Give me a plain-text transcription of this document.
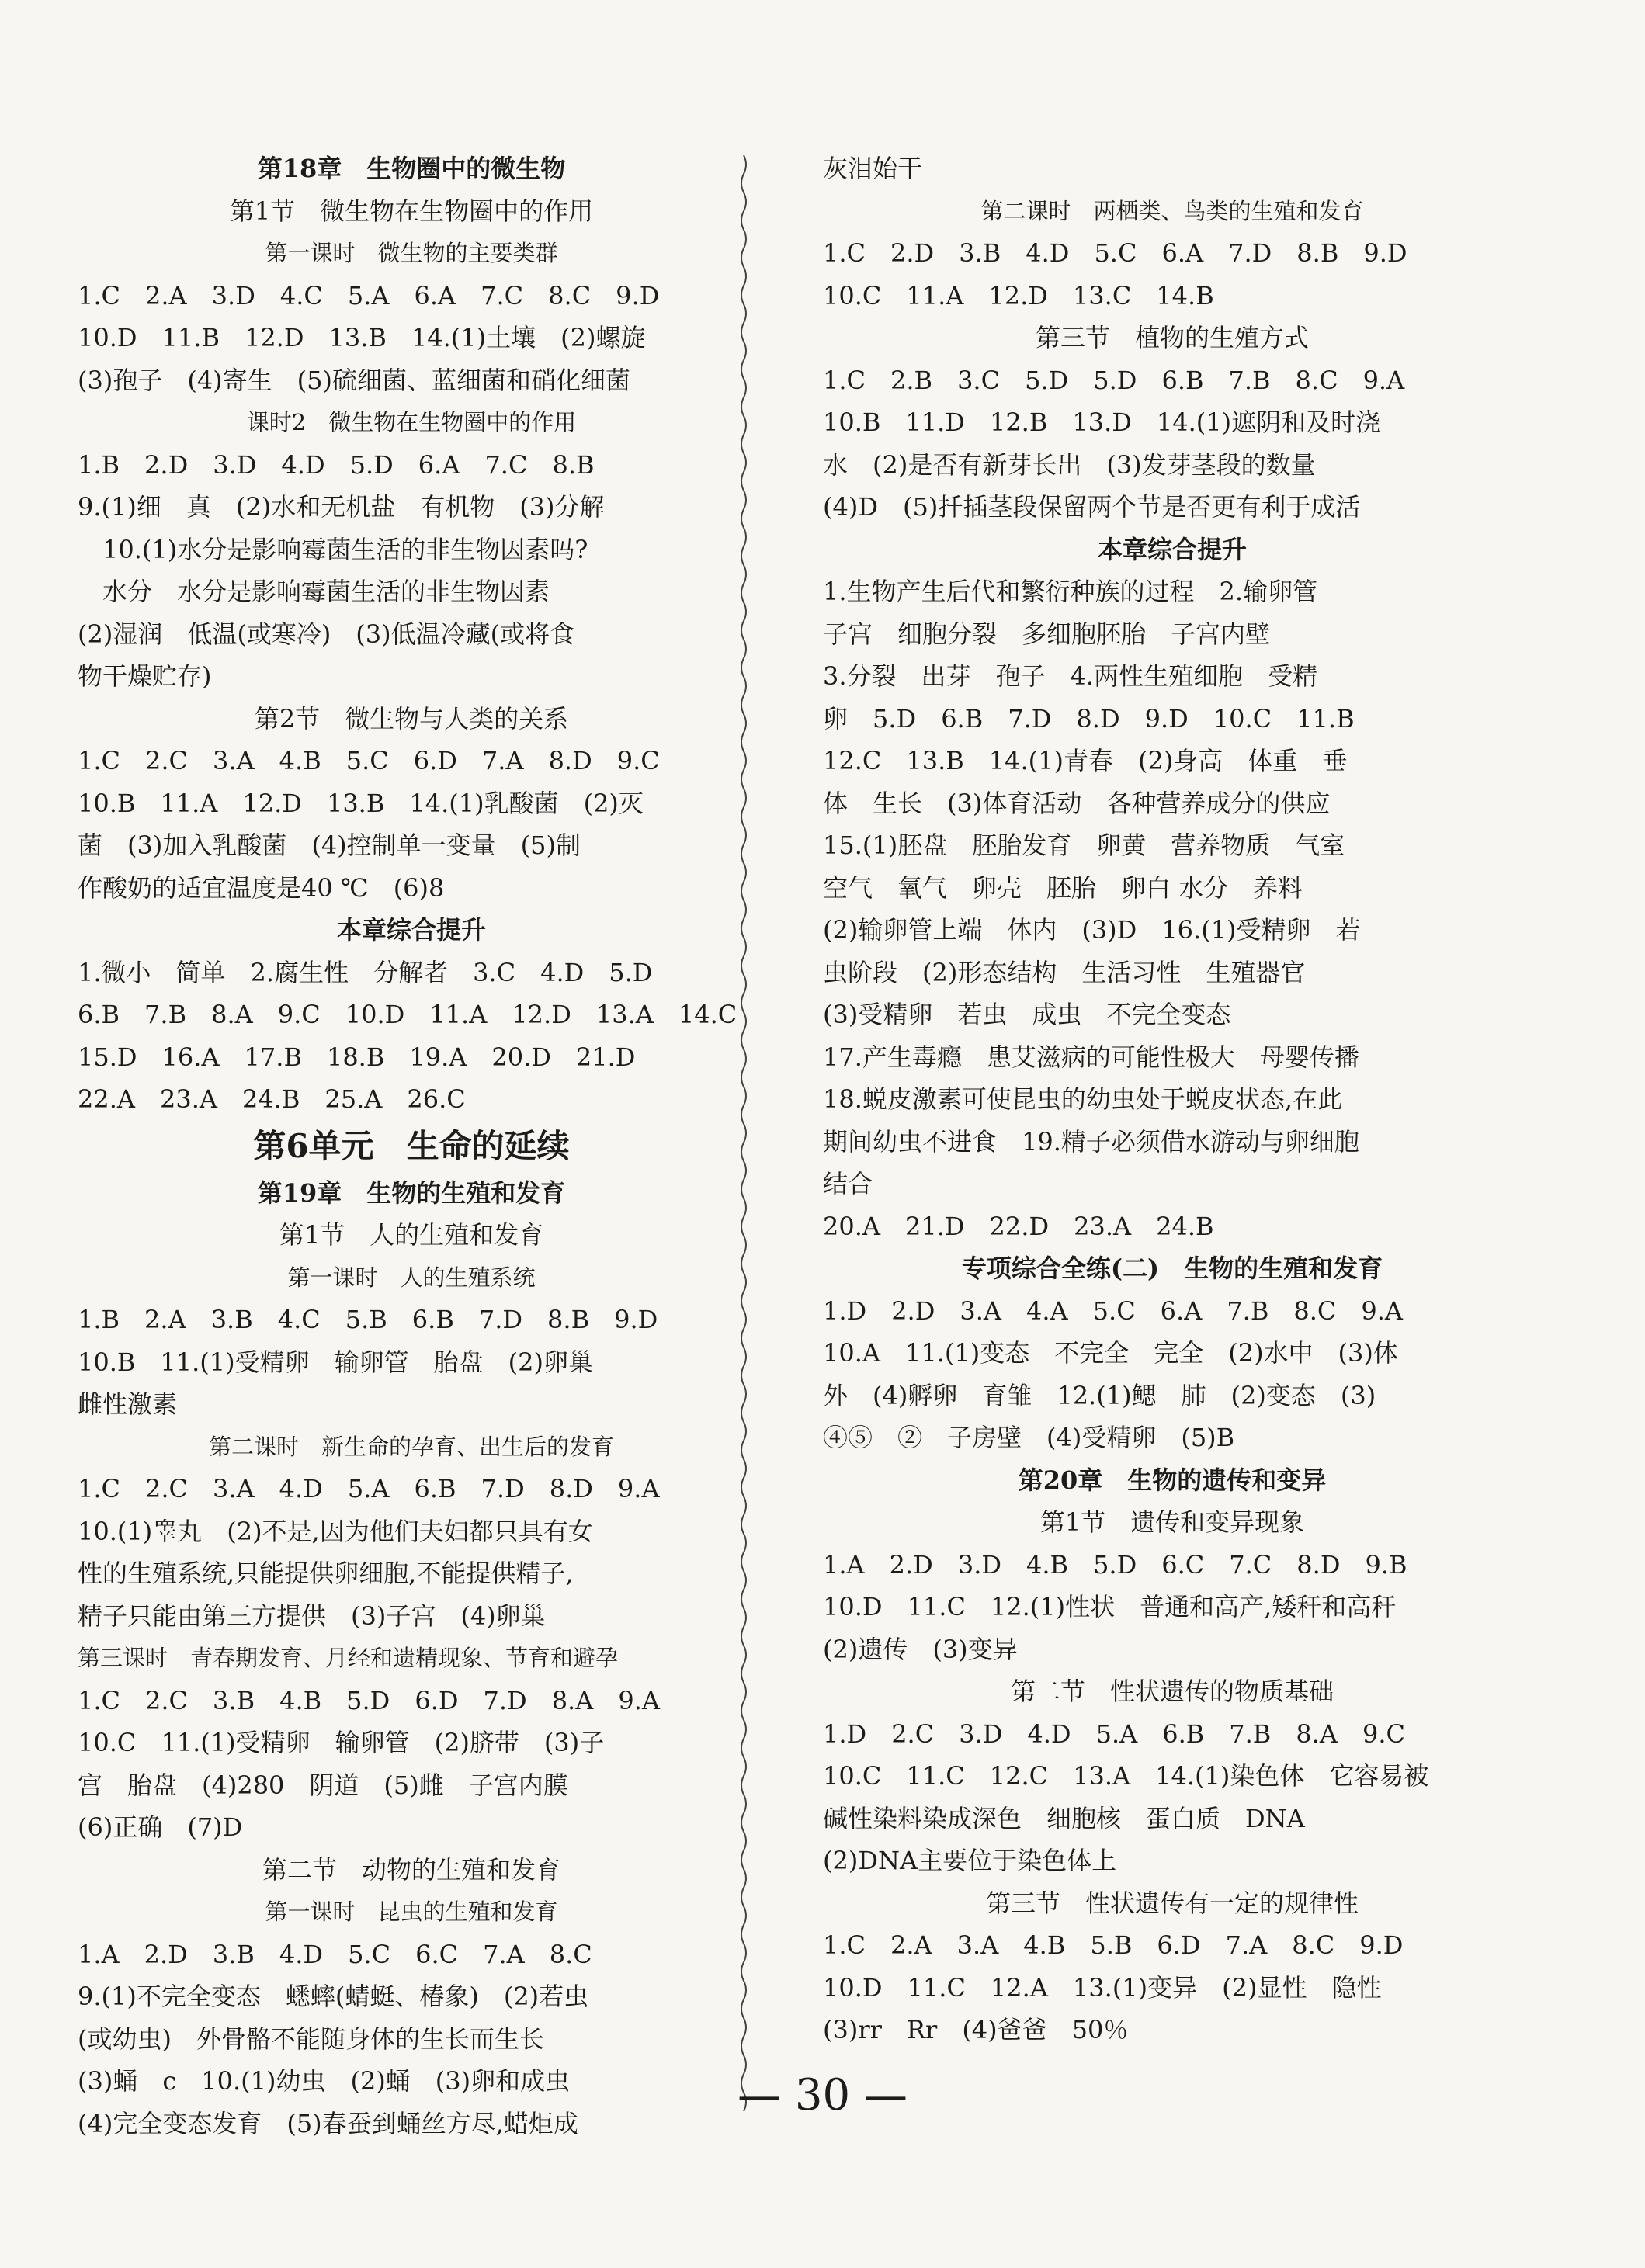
第18章　生物圈中的微生物
第1节　微生物在生物圈中的作用
第一课时　微生物的主要类群
1.C　2.A　3.D　4.C　5.A　6.A　7.C　8.C　9.D
10.D　11.B　12.D　13.B　14.(1)土壤　(2)螺旋
(3)孢子　(4)寄生　(5)硫细菌、蓝细菌和硝化细菌
课时2　微生物在生物圈中的作用
1.B　2.D　3.D　4.D　5.D　6.A　7.C　8.B
9.(1)细　真　(2)水和无机盐　有机物　(3)分解
　10.(1)水分是影响霉菌生活的非生物因素吗?
　水分　水分是影响霉菌生活的非生物因素
(2)湿润　低温(或寒冷)　(3)低温冷藏(或将食
物干燥贮存)
第2节　微生物与人类的关系
1.C　2.C　3.A　4.B　5.C　6.D　7.A　8.D　9.C
10.B　11.A　12.D　13.B　14.(1)乳酸菌　(2)灭
菌　(3)加入乳酸菌　(4)控制单一变量　(5)制
作酸奶的适宜温度是40 ℃　(6)8
本章综合提升
1.微小　简单　2.腐生性　分解者　3.C　4.D　5.D
6.B　7.B　8.A　9.C　10.D　11.A　12.D　13.A　14.C
15.D　16.A　17.B　18.B　19.A　20.D　21.D
22.A　23.A　24.B　25.A　26.C
第6单元　生命的延续
第19章　生物的生殖和发育
第1节　人的生殖和发育
第一课时　人的生殖系统
1.B　2.A　3.B　4.C　5.B　6.B　7.D　8.B　9.D
10.B　11.(1)受精卵　输卵管　胎盘　(2)卵巢
雌性激素
第二课时　新生命的孕育、出生后的发育
1.C　2.C　3.A　4.D　5.A　6.B　7.D　8.D　9.A
10.(1)睾丸　(2)不是,因为他们夫妇都只具有女
性的生殖系统,只能提供卵细胞,不能提供精子,
精子只能由第三方提供　(3)子宫　(4)卵巢
第三课时　青春期发育、月经和遗精现象、节育和避孕
1.C　2.C　3.B　4.B　5.D　6.D　7.D　8.A　9.A
10.C　11.(1)受精卵　输卵管　(2)脐带　(3)子
宫　胎盘　(4)280　阴道　(5)雌　子宫内膜
(6)正确　(7)D
第二节　动物的生殖和发育
第一课时　昆虫的生殖和发育
1.A　2.D　3.B　4.D　5.C　6.C　7.A　8.C
9.(1)不完全变态　蟋蟀(蜻蜓、椿象)　(2)若虫
(或幼虫)　外骨骼不能随身体的生长而生长
(3)蛹　c　10.(1)幼虫　(2)蛹　(3)卵和成虫
(4)完全变态发育　(5)春蚕到蛹丝方尽,蜡炬成
灰泪始干
第二课时　两栖类、鸟类的生殖和发育
1.C　2.D　3.B　4.D　5.C　6.A　7.D　8.B　9.D
10.C　11.A　12.D　13.C　14.B
第三节　植物的生殖方式
1.C　2.B　3.C　5.D　5.D　6.B　7.B　8.C　9.A
10.B　11.D　12.B　13.D　14.(1)遮阴和及时浇
水　(2)是否有新芽长出　(3)发芽茎段的数量
(4)D　(5)扦插茎段保留两个节是否更有利于成活
本章综合提升
1.生物产生后代和繁衍种族的过程　2.输卵管
子宫　细胞分裂　多细胞胚胎　子宫内壁
3.分裂　出芽　孢子　4.两性生殖细胞　受精
卵　5.D　6.B　7.D　8.D　9.D　10.C　11.B
12.C　13.B　14.(1)青春　(2)身高　体重　垂
体　生长　(3)体育活动　各种营养成分的供应
15.(1)胚盘　胚胎发育　卵黄　营养物质　气室
空气　氧气　卵壳　胚胎　卵白 水分　养料
(2)输卵管上端　体内　(3)D　16.(1)受精卵　若
虫阶段　(2)形态结构　生活习性　生殖器官
(3)受精卵　若虫　成虫　不完全变态
17.产生毒瘾　患艾滋病的可能性极大　母婴传播
18.蜕皮激素可使昆虫的幼虫处于蜕皮状态,在此
期间幼虫不进食　19.精子必须借水游动与卵细胞
结合
20.A　21.D　22.D　23.A　24.B
专项综合全练(二)　生物的生殖和发育
1.D　2.D　3.A　4.A　5.C　6.A　7.B　8.C　9.A
10.A　11.(1)变态　不完全　完全　(2)水中　(3)体
外　(4)孵卵　育雏　12.(1)鳃　肺　(2)变态　(3)
④⑤　②　子房壁　(4)受精卵　(5)B
第20章　生物的遗传和变异
第1节　遗传和变异现象
1.A　2.D　3.D　4.B　5.D　6.C　7.C　8.D　9.B
10.D　11.C　12.(1)性状　普通和高产,矮秆和高秆
(2)遗传　(3)变异
第二节　性状遗传的物质基础
1.D　2.C　3.D　4.D　5.A　6.B　7.B　8.A　9.C
10.C　11.C　12.C　13.A　14.(1)染色体　它容易被
碱性染料染成深色　细胞核　蛋白质　DNA
(2)DNA主要位于染色体上
第三节　性状遗传有一定的规律性
1.C　2.A　3.A　4.B　5.B　6.D　7.A　8.C　9.D
10.D　11.C　12.A　13.(1)变异　(2)显性　隐性
(3)rr　Rr　(4)爸爸　50％
— 30 —
